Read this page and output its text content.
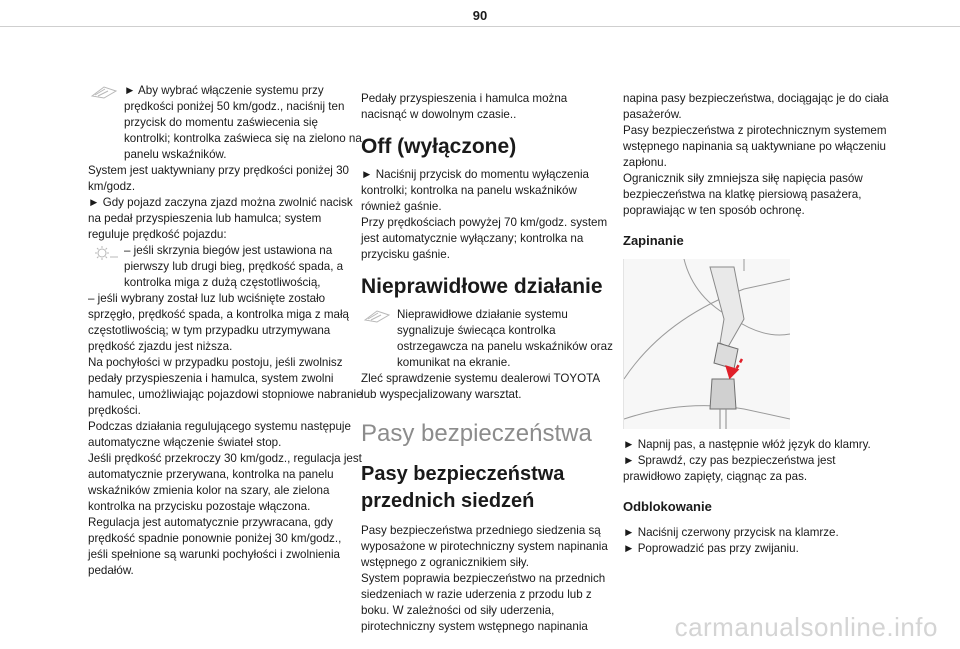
90

► Aby wybrać włączenie systemu przy prędkości poniżej 50 km/godz., naciśnij ten przycisk do momentu zaświecenia się kontrolki; kontrolka zaświeca się na zielono na panelu wskaźników.

System jest uaktywniany przy prędkości poniżej 30 km/godz.

► Gdy pojazd zaczyna zjazd można zwolnić nacisk na pedał przyspieszenia lub hamulca; system reguluje prędkość pojazdu:

– jeśli skrzynia biegów jest ustawiona na pierwszy lub drugi bieg, prędkość spada, a kontrolka miga z dużą częstotliwością,

– jeśli wybrany został luz lub wciśnięte zostało sprzęgło, prędkość spada, a kontrolka miga z małą częstotliwością; w tym przypadku utrzymywana prędkość zjazdu jest niższa.

Na pochyłości w przypadku postoju, jeśli zwolnisz pedały przyspieszenia i hamulca, system zwolni hamulec, umożliwiając pojazdowi stopniowe nabranie prędkości.

Podczas działania regulującego systemu następuje automatyczne włączenie świateł stop.

Jeśli prędkość przekroczy 30 km/godz., regulacja jest automatycznie przerywana, kontrolka na panelu wskaźników zmienia kolor na szary, ale zielona kontrolka na przycisku pozostaje włączona.

Regulacja jest automatycznie przywracana, gdy prędkość spadnie ponownie poniżej 30 km/godz., jeśli spełnione są warunki pochyłości i zwolnienia pedałów.

Pedały przyspieszenia i hamulca można nacisnąć w dowolnym czasie..

Off (wyłączone)

► Naciśnij przycisk do momentu wyłączenia kontrolki; kontrolka na panelu wskaźników również gaśnie.

Przy prędkościach powyżej 70 km/godz. system jest automatycznie wyłączany; kontrolka na przycisku gaśnie.

Nieprawidłowe działanie

Nieprawidłowe działanie systemu sygnalizuje świecąca kontrolka ostrzegawcza na panelu wskaźników oraz komunikat na ekranie.

Zleć sprawdzenie systemu dealerowi TOYOTA lub wyspecjalizowany warsztat.

Pasy bezpieczeństwa
Pasy bezpieczeństwa przednich siedzeń

Pasy bezpieczeństwa przedniego siedzenia są wyposażone w pirotechniczny system napinania wstępnego z ogranicznikiem siły.

System poprawia bezpieczeństwo na przednich siedzeniach w razie uderzenia z przodu lub z boku. W zależności od siły uderzenia, pirotechniczny system wstępnego napinania

napina pasy bezpieczeństwa, dociągając je do ciała pasażerów.

Pasy bezpieczeństwa z pirotechnicznym systemem wstępnego napinania są uaktywniane po włączeniu zapłonu.

Ogranicznik siły zmniejsza siłę napięcia pasów bezpieczeństwa na klatkę piersiową pasażera, poprawiając w ten sposób ochronę.

Zapinanie

► Napnij pas, a następnie włóż język do klamry.

► Sprawdź, czy pas bezpieczeństwa jest prawidłowo zapięty, ciągnąc za pas.

Odblokowanie

► Naciśnij czerwony przycisk na klamrze.

► Poprowadzić pas przy zwijaniu.

carmanualsonline.info
